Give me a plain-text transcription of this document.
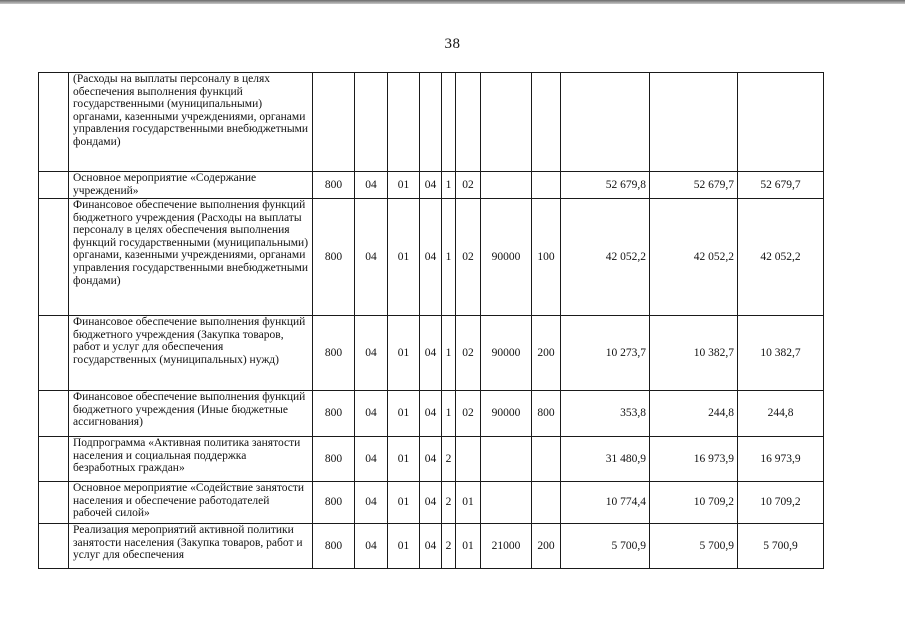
38
	(Расходы на выплаты персоналу в целях обеспечения выполнения функций государственными (муниципальными) органами, казенными учреждениями, органами управления государственными внебюджетными фондами)											
	Основное мероприятие «Содержание учреждений»	800	04	01	04	1	02			52 679,8	52 679,7	52 679,7
	Финансовое обеспечение выполнения функций бюджетного учреждения (Расходы на выплаты персоналу в целях обеспечения выполнения функций государственными (муниципальными) органами, казенными учреждениями, органами управления государственными внебюджетными фондами)	800	04	01	04	1	02	90000	100	42 052,2	42 052,2	42 052,2
	Финансовое обеспечение выполнения функций бюджетного учреждения (Закупка товаров, работ и услуг для обеспечения государственных (муниципальных) нужд)	800	04	01	04	1	02	90000	200	10 273,7	10 382,7	10 382,7
	Финансовое обеспечение выполнения функций бюджетного учреждения (Иные бюджетные ассигнования)	800	04	01	04	1	02	90000	800	353,8	244,8	244,8
	Подпрограмма «Активная политика занятости населения и социальная поддержка безработных граждан»	800	04	01	04	2				31 480,9	16 973,9	16 973,9
	Основное мероприятие «Содействие занятости населения и обеспечение работодателей рабочей силой»	800	04	01	04	2	01			10 774,4	10 709,2	10 709,2
	Реализация мероприятий активной политики занятости населения (Закупка товаров, работ и услуг для обеспечения	800	04	01	04	2	01	21000	200	5 700,9	5 700,9	5 700,9
